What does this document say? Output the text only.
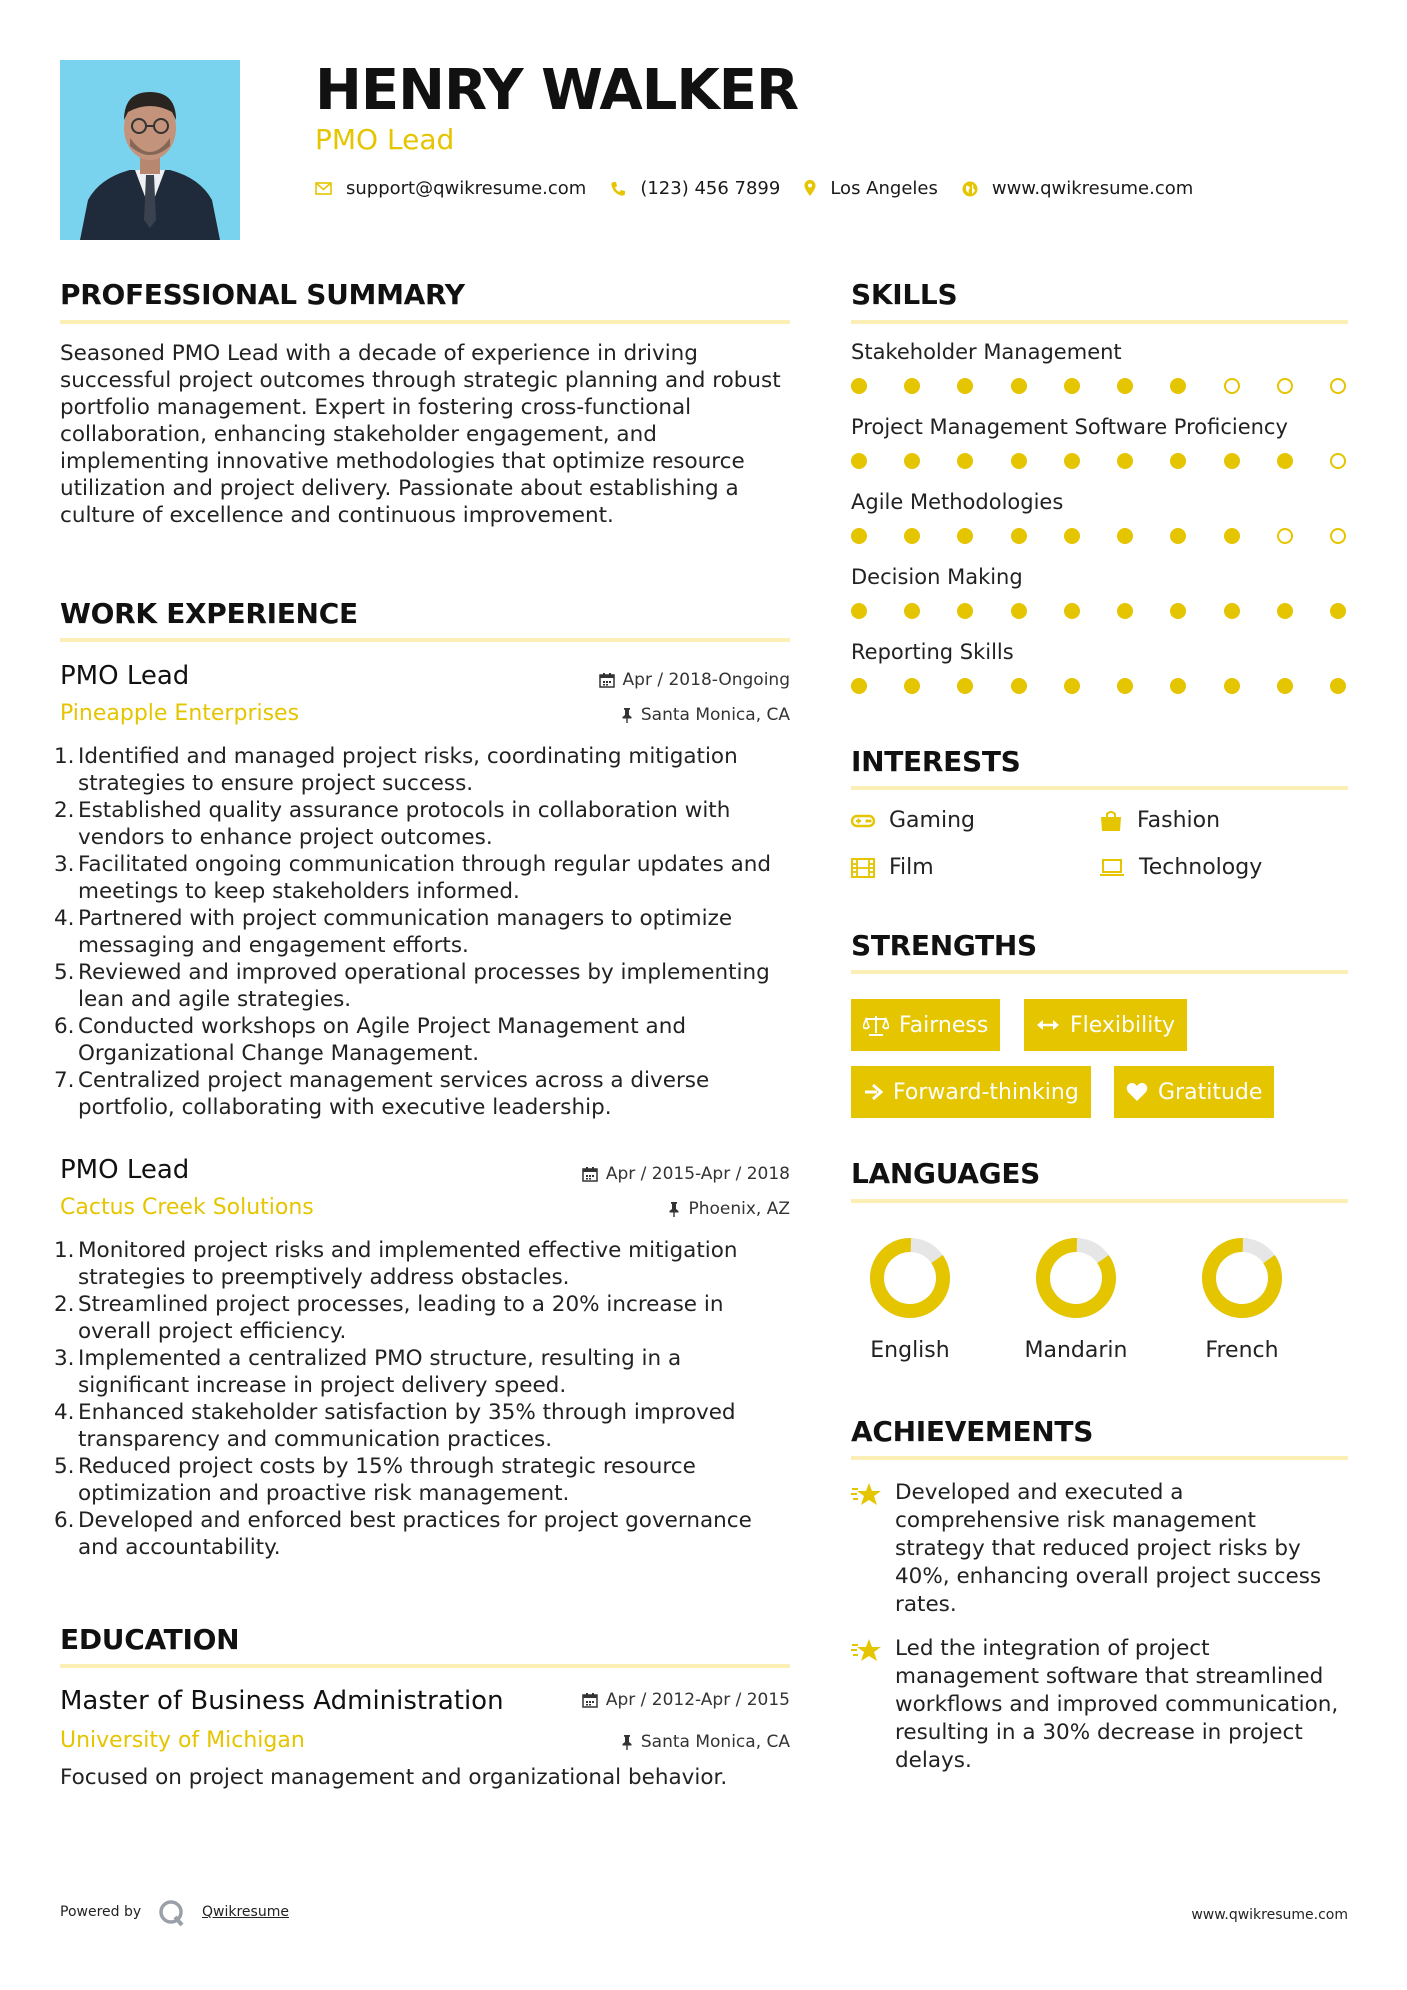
HENRY WALKER
PMO Lead
support@qwikresume.com	(123) 456 7899	Los Angeles	www.qwikresume.com
PROFESSIONAL SUMMARY
Seasoned PMO Lead with a decade of experience in driving successful project outcomes through strategic planning and robust portfolio management. Expert in fostering cross-functional collaboration, enhancing stakeholder engagement, and implementing innovative methodologies that optimize resource utilization and project delivery. Passionate about establishing a culture of excellence and continuous improvement.
WORK EXPERIENCE
PMO Lead
Pineapple Enterprises
Apr / 2018-Ongoing
Santa Monica, CA
1. Identified and managed project risks, coordinating mitigation strategies to ensure project success.
2. Established quality assurance protocols in collaboration with vendors to enhance project outcomes.
3. Facilitated ongoing communication through regular updates and meetings to keep stakeholders informed.
4. Partnered with project communication managers to optimize messaging and engagement efforts.
5. Reviewed and improved operational processes by implementing lean and agile strategies.
6. Conducted workshops on Agile Project Management and Organizational Change Management.
7. Centralized project management services across a diverse portfolio, collaborating with executive leadership.
PMO Lead
Cactus Creek Solutions
Apr / 2015-Apr / 2018
Phoenix, AZ
1. Monitored project risks and implemented effective mitigation strategies to preemptively address obstacles.
2. Streamlined project processes, leading to a 20% increase in overall project efficiency.
3. Implemented a centralized PMO structure, resulting in a significant increase in project delivery speed.
4. Enhanced stakeholder satisfaction by 35% through improved transparency and communication practices.
5. Reduced project costs by 15% through strategic resource optimization and proactive risk management.
6. Developed and enforced best practices for project governance and accountability.
EDUCATION
Master of Business Administration
University of Michigan
Apr / 2012-Apr / 2015
Santa Monica, CA
Focused on project management and organizational behavior.
SKILLS
Stakeholder Management
Project Management Software Proficiency
Agile Methodologies
Decision Making
Reporting Skills
INTERESTS
Gaming	Fashion
Film	Technology
STRENGTHS
Fairness	Flexibility
Forward-thinking	Gratitude
LANGUAGES
English	Mandarin	French
ACHIEVEMENTS
Developed and executed a comprehensive risk management strategy that reduced project risks by 40%, enhancing overall project success rates.
Led the integration of project management software that streamlined workflows and improved communication, resulting in a 30% decrease in project delays.
Powered by	Qwikresume	www.qwikresume.com
